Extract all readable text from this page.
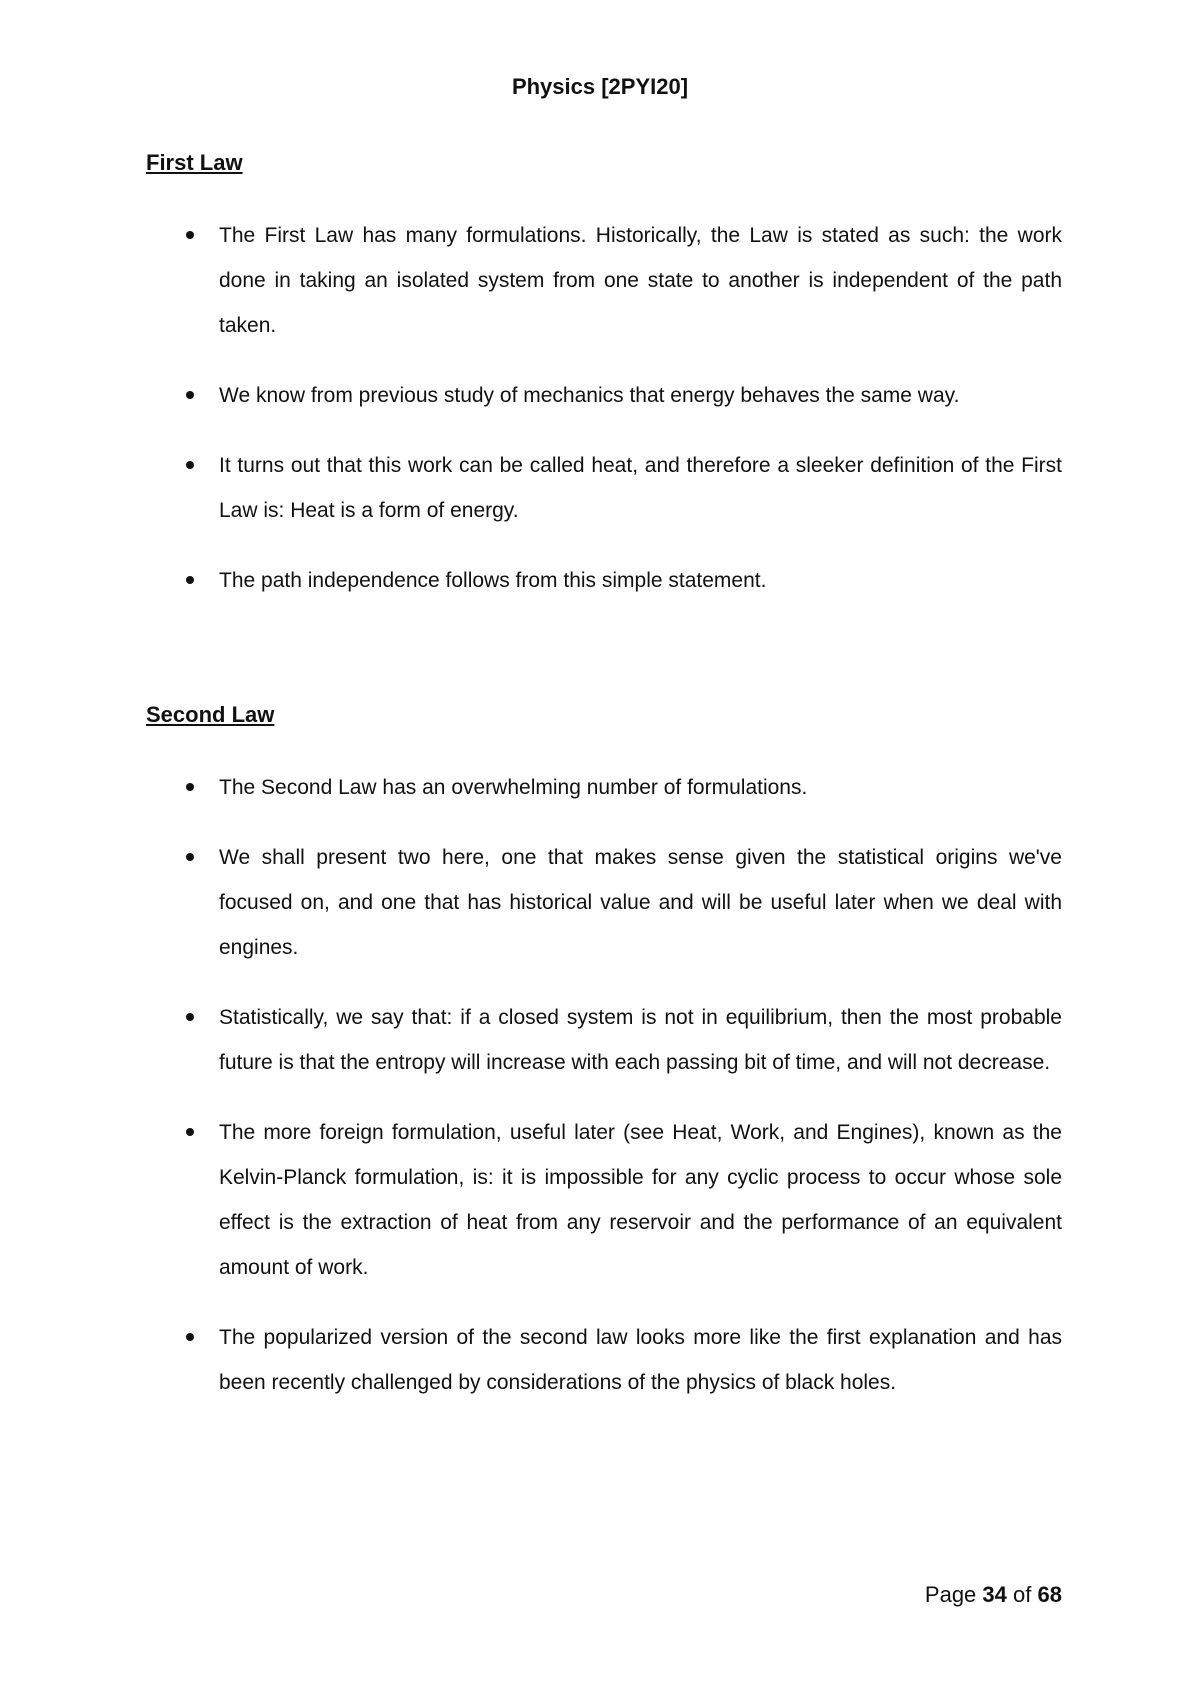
Physics [2PYI20]
First Law
The First Law has many formulations. Historically, the Law is stated as such: the work done in taking an isolated system from one state to another is independent of the path taken.
We know from previous study of mechanics that energy behaves the same way.
It turns out that this work can be called heat, and therefore a sleeker definition of the First Law is: Heat is a form of energy.
The path independence follows from this simple statement.
Second Law
The Second Law has an overwhelming number of formulations.
We shall present two here, one that makes sense given the statistical origins we've focused on, and one that has historical value and will be useful later when we deal with engines.
Statistically, we say that: if a closed system is not in equilibrium, then the most probable future is that the entropy will increase with each passing bit of time, and will not decrease.
The more foreign formulation, useful later (see Heat, Work, and Engines), known as the Kelvin-Planck formulation, is: it is impossible for any cyclic process to occur whose sole effect is the extraction of heat from any reservoir and the performance of an equivalent amount of work.
The popularized version of the second law looks more like the first explanation and has been recently challenged by considerations of the physics of black holes.
Page 34 of 68
